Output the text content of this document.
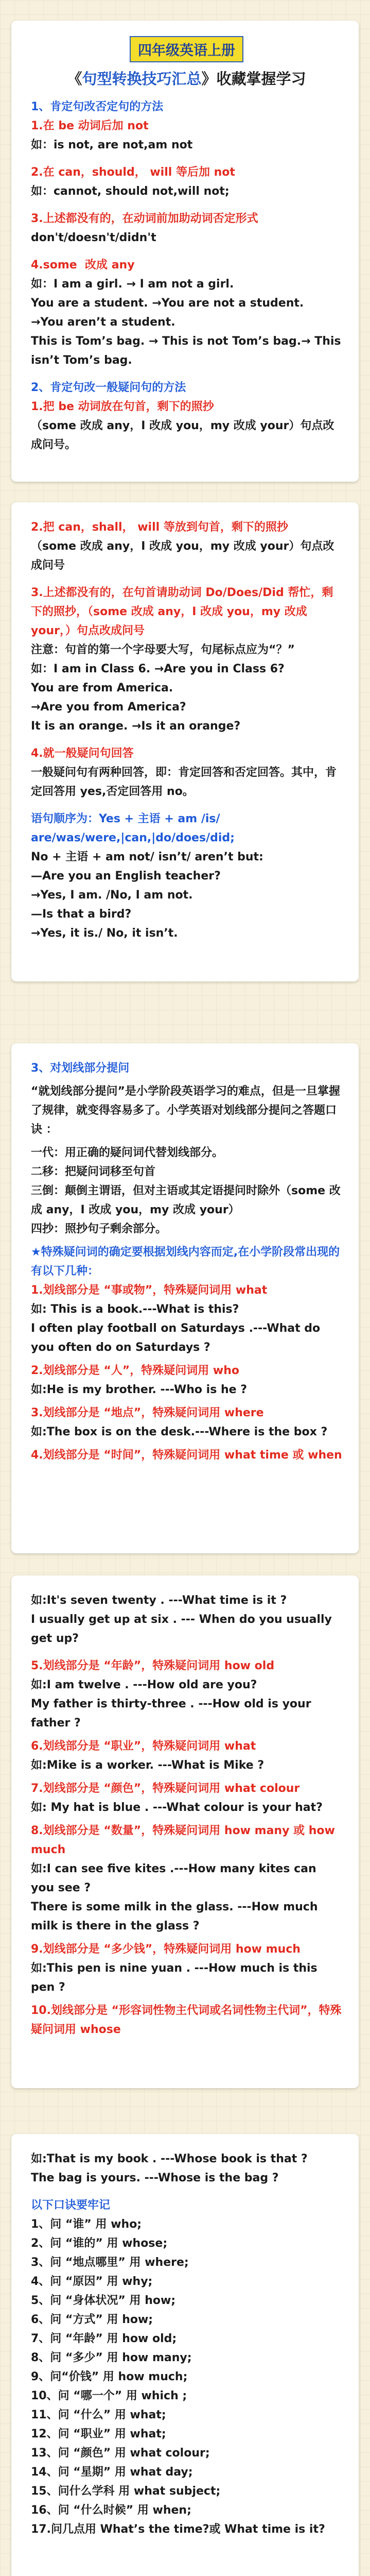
四年级英语上册

《句型转换技巧汇总》收藏掌握学习

1、肯定句改否定句的方法
1.在 be 动词后加 not
如：is not, are not,am not
2.在 can，should， will 等后加 not
如：cannot, should not,will not;
3.上述都没有的，在动词前加助动词否定形式
don't/doesn't/didn't
4.some  改成 any
如：I am a girl. → I am not a girl.
You are a student. →You are not a student.
→You aren’t a student.
This is Tom’s bag. → This is not Tom’s bag.→ This isn’t Tom’s bag.
2、肯定句改一般疑问句的方法
1.把 be 动词放在句首，剩下的照抄
（some 改成 any，I 改成 you，my 改成 your）句点改成问号。
2.把 can，shall， will 等放到句首，剩下的照抄
（some 改成 any，I 改成 you，my 改成 your）句点改成问号
3.上述都没有的，在句首请助动词 Do/Does/Did 帮忙，剩下的照抄，（some 改成 any，I 改成 you，my 改成 your，）句点改成问号
注意：句首的第一个字母要大写，句尾标点应为“？”
如：I am in Class 6. →Are you in Class 6?
You are from America.
→Are you from America?
It is an orange. →Is it an orange?
4.就一般疑问句回答
一般疑问句有两种回答，即：肯定回答和否定回答。其中，肯定回答用 yes,否定回答用 no。
语句顺序为：Yes + 主语 + am /is/ are/was/were,|can,|do/does/did;
No + 主语 + am not/ isn’t/ aren’t but:
—Are you an English teacher?
→Yes, I am. /No, I am not.
—Is that a bird?
→Yes, it is./ No, it isn’t.
3、对划线部分提问
“就划线部分提问”是小学阶段英语学习的难点，但是一旦掌握了规律，就变得容易多了。小学英语对划线部分提问之答题口诀 ：
一代：用正确的疑问词代替划线部分。
二移：把疑问词移至句首
三倒：颠倒主谓语，但对主语或其定语提问时除外（some 改成 any，I 改成 you，my 改成 your）
四抄：照抄句子剩余部分。
★特殊疑问词的确定要根据划线内容而定,在小学阶段常出现的有以下几种：
1.划线部分是 “事或物”，特殊疑问词用 what
如: This is a book.---What is this?
I often play football on Saturdays .---What do you often do on Saturdays ?
2.划线部分是 “人”，特殊疑问词用 who
如:He is my brother. ---Who is he ?
3.划线部分是 “地点”，特殊疑问词用 where
如:The box is on the desk.---Where is the box ?
4.划线部分是 “时间”，特殊疑问词用 what time 或 when
如:It's seven twenty . ---What time is it ?
I usually get up at six . --- When do you usually get up?
5.划线部分是 “年龄”，特殊疑问词用 how old
如:I am twelve . ---How old are you?
My father is thirty-three . ---How old is your father ?
6.划线部分是 “职业”，特殊疑问词用 what
如:Mike is a worker. ---What is Mike ?
7.划线部分是 “颜色”，特殊疑问词用 what colour
如: My hat is blue . ---What colour is your hat?
8.划线部分是 “数量”，特殊疑问词用 how many 或 how much
如:I can see five kites .---How many kites can you see ?
There is some milk in the glass. ---How much milk is there in the glass ?
9.划线部分是 “多少钱”，特殊疑问词用 how much
如:This pen is nine yuan . ---How much is this pen ?
10.划线部分是 “形容词性物主代词或名词性物主代词”，特殊疑问词用 whose
如:That is my book . ---Whose book is that ?
The bag is yours. ---Whose is the bag ?
以下口诀要牢记
1、问 “谁” 用 who;
2、问 “谁的” 用 whose;
3、问 “地点哪里” 用 where;
4、问 “原因” 用 why;
5、问 “身体状况” 用 how;
6、问 “方式” 用 how;
7、问 “年龄” 用 how old;
8、问 “多少” 用 how many;
9、问“价钱” 用 how much;
10、问 “哪一个” 用 which ;
11、问 “什么” 用 what;
12、问 “职业” 用 what;
13、问 “颜色” 用 what colour;
14、问 “星期” 用 what day;
15、问什么学科 用 what subject;
16、问 “什么时候” 用 when;
17.问几点用 What’s the time?或 What time is it?
